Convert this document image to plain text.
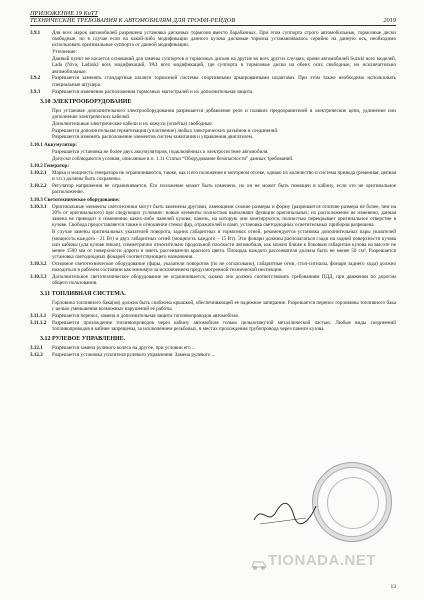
ПРИЛОЖЕНИЕ 19 КиТТ
ТЕХНИЧЕСКИЕ ТРЕБОВАНИЯ К АВТОМОБИЛЯМ ДЛЯ ТРОФИ-РЕЙДОВ	2019
3.9.1	Для всех марок автомобилей разрешена установка дисковых тормозов вместо барабанных. При этом суппорта строго автомобильные, тормозные диски свободные, но в случае если на какой-либо модификации данного кузова дисковые тормоза устанавливались серийно на данную ось, необходимо использовать оригинальные суппорта от данной модификации.
Уточнение:
Данный пункт не касается оснований для замены суппортов и тормозных дисков на другие во всех других случаях, кроме автомобилей Suzuki всех моделей, Lada (Niva, Ladaxk) всех модификаций, УАЗ всех модификаций, где суппорта и тормозные диски на обеих осях свободные, но исключительно автомобильные.
3.9.2	Разрешается заменять стандартные шланги тормозной системы спортивными армированными шлангами. При этом также необходимо использовать специальные штуцера.
3.9.3	Разрешается изменение расположения тормозных магистралей и их дополнительная защита.
3.10 ЭЛЕКТРООБОРУДОВАНИЕ
При установке дополнительного электрооборудования разрешается добавление реле и плавких предохранителей в электрические цепи, удлинение или дополнение электрических кабелей.
Дополнительные электрические кабели и их кожухи (оплётка) свободные.
Разрешается дополнительная герметизация (уплотнение) любых электрических разъёмов и соединений.
Разрешается изменять расположение элементов систем зажигания и управления двигателем.
3.10.1 Аккумулятор:
Разрешается установка не более двух аккумуляторов, подключённых к электросистеме автомобиля.
Допуски соблюдаются условия, описанные в п. 1.11 Статьи “Оборудование безопасности” данных требований.
3.10.2 Генератор:
3.10.2.1	Марка и мощность генератора не ограничиваются, также, как и его положение в моторном отсеке, однако их количество и система привода (ременная, цепная и т.п.) должны быть сохранены.
3.10.2.2	Регулятор напряжения не ограничивается. Его положение может быть изменено, но он не может быть помещен в кабину, если это не оригинальное расположение.
3.10.3 Светотехническое оборудование:
3.10.3.1	Оригинальные элементы светотехники могут быть заменены другими, имеющими схожие размеры и форму (разрешается отличие размера не более, чем на 20% от оригинального) при следующих условиях: новые элементы полностью выполняют функции оригинальных; их расположение не изменено; данная замена не приводит к изменению каких-либо панелей кузова; панель, на которую они монтируются, полностью перекрывает оригинальное отверстие в кузове. Свобода предоставляется также в отношении стекол фар, отражателей и ламп, установка светодиодных осветительных приборов разрешена.
В случае замены оригинальных указателей поворота, задних габаритных и тормозных огней, рекомендуется установка дополнительных пары указателей (мощность каждого - 21 Вт) и двух габаритных огней (мощность каждого – 15 Вт). Эти фонари должны располагаться сзади на задней поверхности кузова или кабины (для кузове пикап), симметрично относительно продольной плоскости автомобиля, как можно ближе к боковым габаритам кузова на высоте не менее 1500 мм от поверхности дороги и иметь рассеиватели красного цвета. Площадь каждого рассеивателя должна быть не менее 50 см². Разрешается установка светодиодных фонарей соответствующего назначения.
3.10.3.2	Основное светотехническое оборудование (фары, указатели поворотов (по не согласовано), габаритные огни, стоп-сигналы, фонари заднего хода) должно находиться в рабочем состоянии как минимум за исключением предусмотренной технической инспекции.
3.10.3.3	Дополнительное светотехническое оборудование не ограничивается, однако оно должно соответствовать требованиям ПДД, при движении по дорогам общего пользования.
3.11 ТОПЛИВНАЯ СИСТЕМА.
Горловина топливного бака(ов) должна быть снабжена крышкой, обеспечивающей ее надежное запирание. Разрешается перенос горловины топливного бака с целью уменьшения возможных нарушений её работы.
3.11.1.1	Разрешается перенос, замена и дополнительная защита топливопроводов автомобиля.
3.11.1.2	Разрешается прохождение топливопроводов через кабину автомобиля только цельнотянутой металлической частью. Любые виды соединений топливопроводов в кабине запрещены, за исключением резьбовых, в местах прохождения трубопровода через панели кузова.
3.12 РУЛЕВОЕ УПРАВЛЕНИЕ.
3.12.1	Разрешается замена рулевого колеса на другое, при условии его ...
3.12.2	Разрешается установка усилителя рулевого управления. Замена рулевого ...
13
TIONADA.NET
